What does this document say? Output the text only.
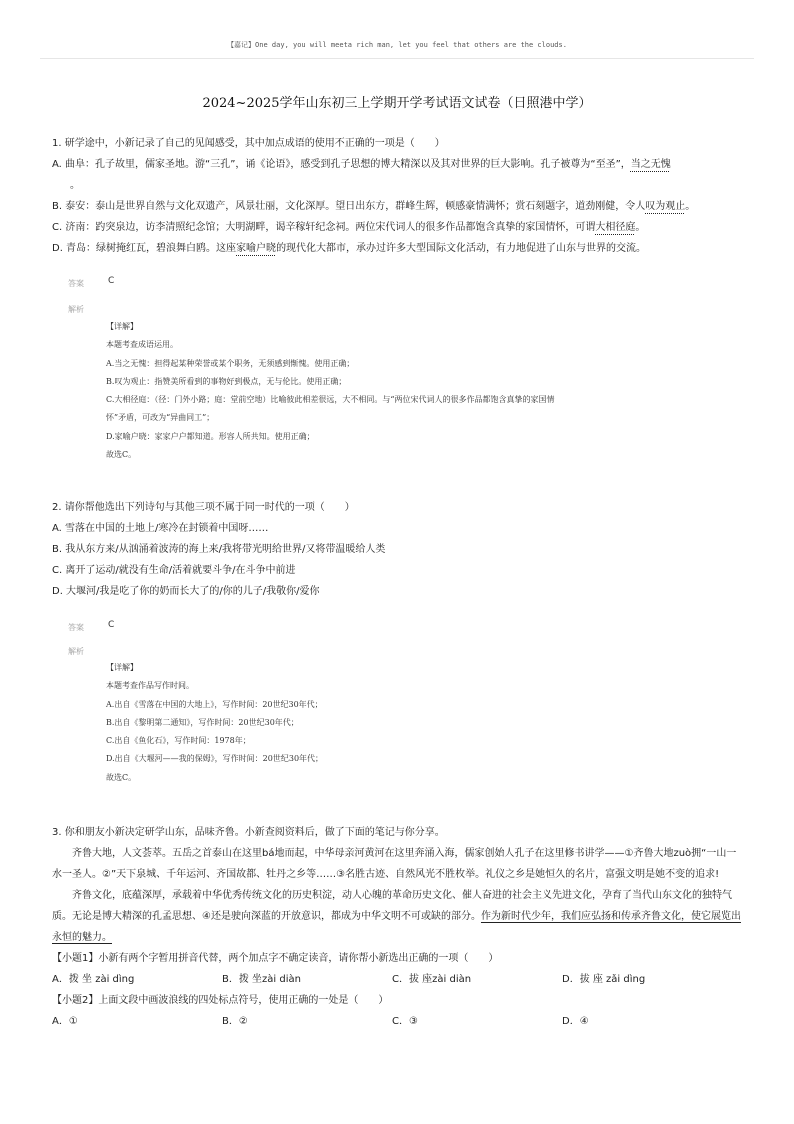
【嘉记】One day, you will meeta rich man, let you feel that others are the clouds.
2024~2025学年山东初三上学期开学考试语文试卷（日照港中学）
1. 研学途中，小新记录了自己的见闻感受，其中加点成语的使用不正确的一项是（　　）
A. 曲阜：孔子故里，儒家圣地。游“三孔”，诵《论语》，感受到孔子思想的博大精深以及其对世界的巨大影响。孔子被尊为“至圣”，当之无愧
。
B. 泰安：泰山是世界自然与文化双遗产，风景壮丽，文化深厚。望日出东方，群峰生辉，顿感豪情满怀；赏石刻题字，道劲刚健，令人叹为观止。
C. 济南：趵突泉边，访李清照纪念馆；大明湖畔，谒辛稼轩纪念祠。两位宋代词人的很多作品都饱含真挚的家国情怀，可谓大相径庭。
D. 青岛：绿树掩红瓦，碧浪舞白鸥。这座家喻户晓的现代化大都市，承办过许多大型国际文化活动，有力地促进了山东与世界的交流。
答案	C
解析
【详解】
本题考查成语运用。
A.当之无愧：担得起某种荣誉或某个职务，无须感到惭愧。使用正确；
B.叹为观止：指赞美所看到的事物好到极点，无与伦比。使用正确；
C.大相径庭：（径：门外小路；庭：堂前空地）比喻彼此相差很远，大不相同。与“两位宋代词人的很多作品都饱含真挚的家国情
怀”矛盾，可改为“异曲同工”；
D.家喻户晓：家家户户都知道。形容人所共知。使用正确；
故选C。
2. 请你帮他选出下列诗句与其他三项不属于同一时代的一项（　　）
A. 雪落在中国的土地上/寒冷在封锁着中国呀……
B. 我从东方来/从汹涌着波涛的海上来/我将带光明给世界/又将带温暖给人类
C. 离开了运动/就没有生命/活着就要斗争/在斗争中前进
D. 大堰河/我是吃了你的奶而长大了的/你的儿子/我敬你/爱你
答案	C
解析
【详解】
本题考查作品写作时间。
A.出自《雪落在中国的大地上》，写作时间：20世纪30年代；
B.出自《黎明第二通知》，写作时间：20世纪30年代；
C.出自《鱼化石》，写作时间：1978年；
D.出自《大堰河——我的保姆》，写作时间：20世纪30年代；
故选C。
3. 你和朋友小新决定研学山东，品味齐鲁。小新查阅资料后，做了下面的笔记与你分享。
齐鲁大地，人文荟萃。五岳之首泰山在这里bá地而起，中华母亲河黄河在这里奔涌入海，儒家创始人孔子在这里修书讲学——①齐鲁大地zuò拥“一山一水一圣人。②”天下泉城、千年运河、齐国故都、牡丹之乡等……③名胜古迹、自然风光不胜枚举。礼仪之乡是她恒久的名片，富强文明是她不变的追求!
齐鲁文化，底蕴深厚，承载着中华优秀传统文化的历史积淀，动人心魄的革命历史文化、催人奋进的社会主义先进文化，孕育了当代山东文化的独特气质。无论是博大精深的孔孟思想、④还是驶向深蓝的开放意识，都成为中华文明不可或缺的部分。作为新时代少年，我们应弘扬和传承齐鲁文化，使它展览出永恒的魅力。
【小题1】小新有两个字暂用拼音代替，两个加点字不确定读音，请你帮小新选出正确的一项（　　）
A．拨 坐 zài dìng	B．拨 坐zài diàn	C．拔 座zài diàn	D．拔 座 zǎi dìng
【小题2】上面文段中画波浪线的四处标点符号，使用正确的一处是（　　）
A．①	B．②	C．③	D．④
